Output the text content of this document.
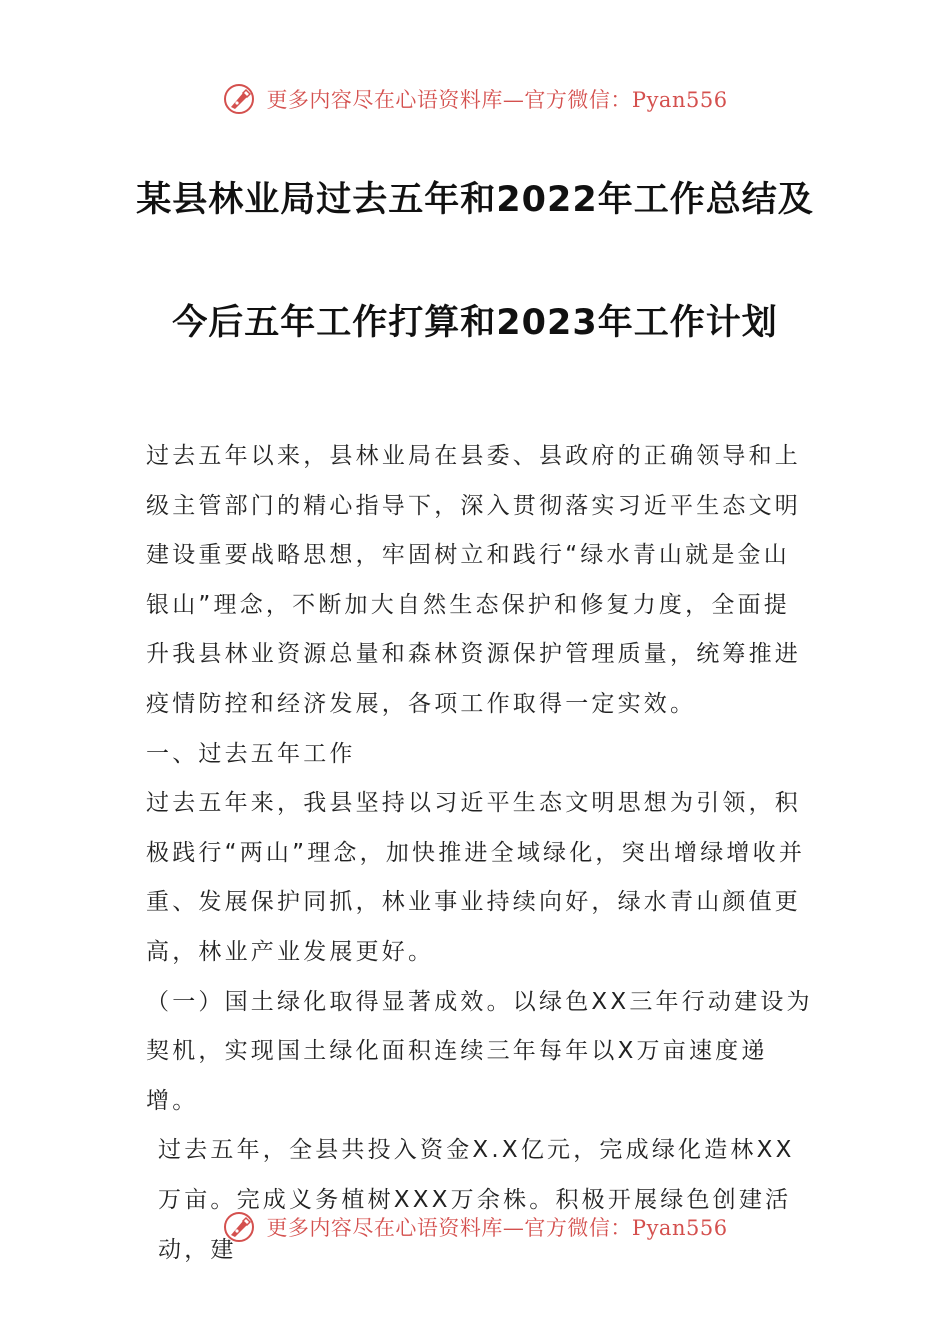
更多内容尽在心语资料库—官方微信：Pyan556
某县林业局过去五年和2022年工作总结及
今后五年工作打算和2023年工作计划

过去五年以来，县林业局在县委、县政府的正确领导和上级主管部门的精心指导下，深入贯彻落实习近平生态文明建设重要战略思想，牢固树立和践行“绿水青山就是金山银山”理念，不断加大自然生态保护和修复力度，全面提升我县林业资源总量和森林资源保护管理质量，统筹推进疫情防控和经济发展，各项工作取得一定实效。

一、过去五年工作

过去五年来，我县坚持以习近平生态文明思想为引领，积极践行“两山”理念，加快推进全域绿化，突出增绿增收并重、发展保护同抓，林业事业持续向好，绿水青山颜值更高，林业产业发展更好。

（一）国土绿化取得显著成效。以绿色XX三年行动建设为契机，实现国土绿化面积连续三年每年以X万亩速度递增。

过去五年，全县共投入资金X.X亿元，完成绿化造林XX万亩。完成义务植树XXX万余株。积极开展绿色创建活动，建

更多内容尽在心语资料库—官方微信：Pyan556
